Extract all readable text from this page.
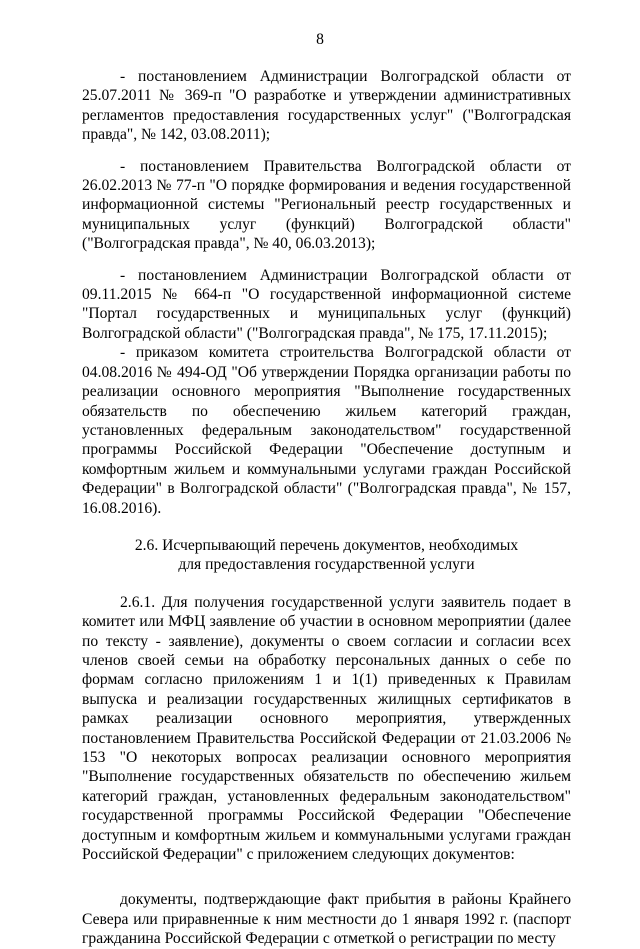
8

- постановлением Администрации Волгоградской области от 25.07.2011 № 369-п "О разработке и утверждении административных регламентов предоставления государственных услуг" ("Волгоградская правда", № 142, 03.08.2011);

- постановлением Правительства Волгоградской области от 26.02.2013 № 77-п "О порядке формирования и ведения государственной информационной системы "Региональный реестр государственных и муниципальных услуг (функций) Волгоградской области" ("Волгоградская правда", № 40, 06.03.2013);

- постановлением Администрации Волгоградской области от 09.11.2015 № 664-п "О государственной информационной системе "Портал государственных и муниципальных услуг (функций) Волгоградской области" ("Волгоградская правда", № 175, 17.11.2015);

- приказом комитета строительства Волгоградской области от 04.08.2016 № 494-ОД "Об утверждении Порядка организации работы по реализации основного мероприятия "Выполнение государственных обязательств по обеспечению жильем категорий граждан, установленных федеральным законодательством" государственной программы Российской Федерации "Обеспечение доступным и комфортным жильем и коммунальными услугами граждан Российской Федерации" в Волгоградской области" ("Волгоградская правда", № 157, 16.08.2016).

2.6. Исчерпывающий перечень документов, необходимых
для предоставления государственной услуги

2.6.1. Для получения государственной услуги заявитель подает в комитет или МФЦ заявление об участии в основном мероприятии (далее по тексту - заявление), документы о своем согласии и согласии всех членов своей семьи на обработку персональных данных о себе по формам согласно приложениям 1 и 1(1) приведенных к Правилам выпуска и реализации государственных жилищных сертификатов в рамках реализации основного мероприятия, утвержденных постановлением Правительства Российской Федерации от 21.03.2006 № 153 "О некоторых вопросах реализации основного мероприятия "Выполнение государственных обязательств по обеспечению жильем категорий граждан, установленных федеральным законодательством" государственной программы Российской Федерации "Обеспечение доступным и комфортным жильем и коммунальными услугами граждан Российской Федерации" с приложением следующих документов:

документы, подтверждающие факт прибытия в районы Крайнего Севера или приравненные к ним местности до 1 января 1992 г. (паспорт гражданина Российской Федерации с отметкой о регистрации по месту
